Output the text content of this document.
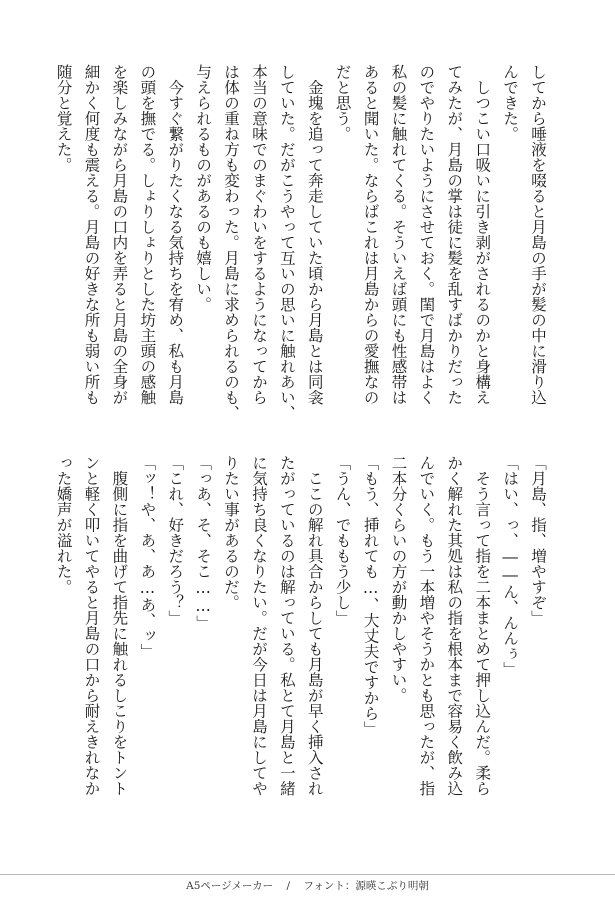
してから唾液を啜ると月島の手が髪の中に滑り込
んできた。
　しつこい口吸いに引き剥がされるのかと身構え
てみたが、月島の掌は徒に髪を乱すばかりだった
のでやりたいようにさせておく。閨で月島はよく
私の髪に触れてくる。そういえば頭にも性感帯は
あると聞いた。ならばこれは月島からの愛撫なの
だと思う。
　金塊を追って奔走していた頃から月島とは同衾
していた。だがこうやって互いの思いに触れあい、
本当の意味でのまぐわいをするようになってから
は体の重ね方も変わった。月島に求められるのも、
与えられるものがあるのも嬉しい。
　今すぐ繋がりたくなる気持ちを宥め、私も月島
の頭を撫でる。しょりしょりとした坊主頭の感触
を楽しみながら月島の口内を弄ると月島の全身が
細かく何度も震える。月島の好きな所も弱い所も
随分と覚えた。
「月島、指、増やすぞ」
「はい、っ、――ん、んんぅ」
　そう言って指を二本まとめて押し込んだ。柔ら
かく解れた其処は私の指を根本まで容易く飲み込
んでいく。もう一本増やそうかとも思ったが、指
二本分くらいの方が動かしやすい。
「もう、挿れても…、大丈夫ですから」
「うん、でももう少し」
　ここの解れ具合からしても月島が早く挿入され
たがっているのは解っている。私とて月島と一緒
に気持ち良くなりたい。だが今日は月島にしてや
りたい事があるのだ。
「っあ、そ、そこ……」
「これ、好きだろう？」
「ッ！や、あ、あ…あ、ッ」
　腹側に指を曲げて指先に触れるしこりをトント
ンと軽く叩いてやると月島の口から耐えきれなか
った嬌声が溢れた。
A5ページメーカー / フォント：源暎こぶり明朝
